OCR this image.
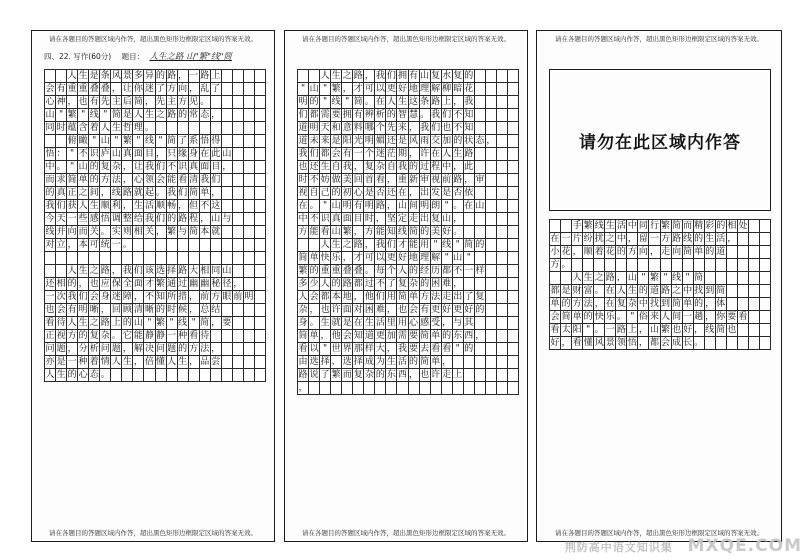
请在各题目的答题区域内作答，超出黑色矩形边框限定区域的答案无效。
四、22. 写作(60分) 题目： 人生之路 山"繁"线"简

人 生 是 条 风 景 多 异 的 路 ， 一 路 上

会 有 重 重 叠 叠 ， 让 你 迷 了 方 向 ， 乱 了

心 神 ， 也 有 先 主 后 简 ， 先 主 方 见 。

山 " 繁 " 线 " 简 是 人 生 之 路 的 常 态 ，

同 时 蕴 含 着 人 生 哲 理 。

俯 瞰 " 山 " 繁 " 线 " 简 了 系 悟 得

悟 ： " 不 识 庐 山 真 面 目 ， 只 缘 身 在 此 山

中 。 " 山 的 复 杂 ， 让 我 们 不 识 真 面 目 ，

而 求 简 单 的 方 法 ， 心 领 会 能 看 清 我 们

的 真 正 之 间 ， 线 路 就 起 。 我 们 简 单 ，

我 们 获 人 生 顺 利 ， 生 活 顺 畅 ， 但 不 这

今 天 一 些 感 悟 调 整 给 我 们 的 路 程 ， 山 与

线 并 向 而 关 。 实 则 相 关 ， 繁 与 简 本 就

对 立 ， 本 可 统 一 。

人 生 之 路 ， 我 们 该 选 择 路 大 相 同 山

还 相 的 ， 也 应 保 全 面 才 繁 通 过 幽 幽 秘 径 ，

一 次 我 们 会 身 迷 障 ， 不 知 所 措 ， 前 方 眼 前 明

也 会 有 明 晰 ， 回 顾 清 晰 的 时 候 ， 总 结

看 待 人 生 之 路 上 的 山 " 繁 " 线 " 简 ， 要

正 视 方 的 复 杂 。 它 能 静 静 一 种 看 待

问 题 ， 分 析 问 题 ， 解 决 问 题 的 方 法 ，

亦 是 一 种 着 情 人 生 ， 倍 懂 人 生 ， 品 尝

人 生 的 心 态 。

请在各题目的答题区域内作答，超出黑色矩形边框限定区域的答案无效。
请在各题目的答题区域内作答，超出黑色矩形边框限定区域的答案无效。

人 生 之 路 ， 我 们 拥 有 山 复 水 复 的

" 山 " 繁 ， 才 可 以 更 好 地 理 解 柳 暗 花

明 的 " 线 " 简 。 在 人 生 这 条 路 上 ， 我

们 都 需 要 拥 有 辨 析 的 智 慧 。 我 们 不 知

道 明 天 和 意 料 哪 个 先 来 ， 我 们 也 不 知

道 未 来 是 阳 光 明 媚 还 是 风 雨 交 加 的 状 态 ，

我 们 都 会 有 一 个 迷 茫 期 ， 许 在 人 生 路

也 还 生 自 我 ， 复 杂 自 我 的 过 程 中 ， 此

时 不 妨 做 美 回 首 看 ， 重 新 审 视 前 路 ， 审

视 自 己 的 初 心 是 否 还 在 ， 出 发 是 否 依

在 。 " 山 明 有 明 路 ， 山 间 明 朗 " 。 在 山

中 不 识 真 面 目 时 ， 坚 定 走 出 复 山 ，

方 能 看 山 繁 ， 方 能 知 线 简 的 美 好 。

人 生 之 路 ， 我 们 才 能 用 " 线 " 简 的

简 单 快 乐 ， 才 可 以 更 好 地 理 解 " 山 "

繁 的 重 重 叠 叠 。 每 个 人 的 经 历 都 不 一 样

多 少 人 的 路 都 过 不 了 复 杂 的 困 难 ，

人 会 都 本 地 ， 他 们 用 简 单 方 法 走 出 了 复

杂 ， 也 许 面 对 困 难 ， 也 会 有 更 好 更 好 的

身 。 生 就 是 在 生 活 里 用 心 感 受 ， 与 其

简 单 ， 他 会 知 道 更 加 需 要 简 单 的 东 西 ，

看 以 " 世 界 那 样 大 ， 我 要 去 看 看 " 的

由 选 择 、 选 择 成 为 生 活 的 简 单 ，

路 说 了 繁 而 复 杂 的 东 西 ， 也 许 走 上

，

请在各题目的答题区域内作答，超出黑色矩形边框限定区域的答案无效。
请在各题目的答题区域内作答，超出黑色矩形边框限定区域的答案无效。
请勿在此区域内作答

手 繁 线 生 活 中 同 行 繁 简 而 精 彩 的 相 处

在 一 片 纷 扰 之 中 ， 留 一 方 路 线 的 生 活 ，

小 花 ， 顺 着 花 的 方 向 ， 走 向 简 单 的 道

方 。

人 生 之 路 ， 山 " 繁 " 线 " 简

都 是 财 富 。 在 人 生 的 道 路 之 中 找 到 简

单 的 方 法 ， 在 复 杂 中 找 到 简 单 的 ， 体

会 简 单 的 快 乐 。 " 俗 来 人 间 一 趟 ， 你 要 看

看 太 阳 " 。 一 路 上 ， 山 繁 也 好 ， 线 简 也

好 ， 看 懂 风 景 领 悟 ， 都 会 成 长 。

请在各题目的答题区域内作答，超出黑色矩形边框限定区域的答案无效。
荆防高中语文知识集 MXQE.COM
